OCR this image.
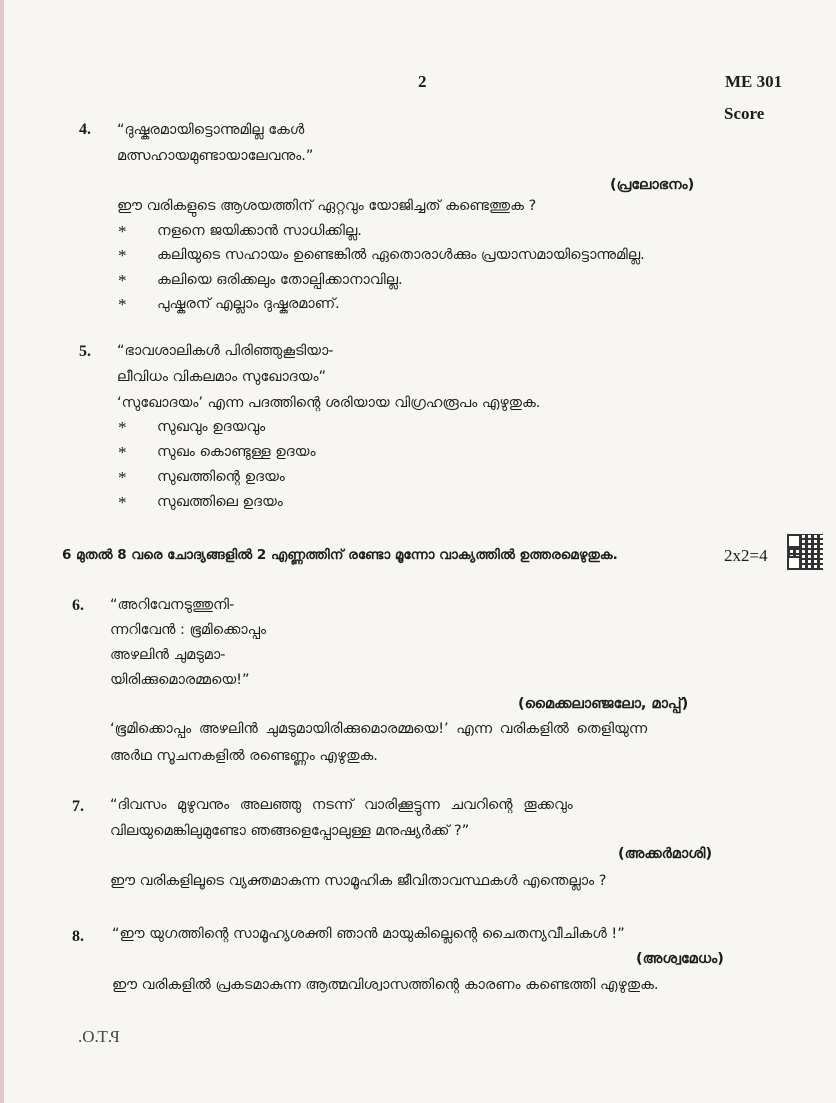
2	ME 301
Score
4. “ദുഷ്കരമായിട്ടൊന്നുമില്ല കേൾ
മത്സഹായമുണ്ടായാലേവനും.”
(പ്രലോഭനം)
ഈ വരികളുടെ ആശയത്തിന് ഏറ്റവും യോജിച്ചത് കണ്ടെത്തുക ?
* നളനെ ജയിക്കാൻ സാധിക്കില്ല.
* കലിയുടെ സഹായം ഉണ്ടെങ്കിൽ ഏതൊരാൾക്കും പ്രയാസമായിട്ടൊന്നുമില്ല.
* കലിയെ ഒരിക്കലും തോല്പിക്കാനാവില്ല.
* പുഷ്കരന് എല്ലാം ദുഷ്കരമാണ്.
5. “ഭാവശാലികൾ പിരിഞ്ഞുകൂടിയാ-
ലീവിധം വികലമാം സുഖോദയം”
‘സുഖോദയം’ എന്ന പദത്തിന്റെ ശരിയായ വിഗ്രഹരൂപം എഴുതുക.
* സുഖവും ഉദയവും
* സുഖം കൊണ്ടുള്ള ഉദയം
* സുഖത്തിന്റെ ഉദയം
* സുഖത്തിലെ ഉദയം
6 മുതൽ 8 വരെ ചോദ്യങ്ങളിൽ 2 എണ്ണത്തിന് രണ്ടോ മൂന്നോ വാക്യത്തിൽ ഉത്തരമെഴുതുക.	2x2=4
6. “അറിവേനടുത്തുനി-
ന്നറിവേൻ : ഭൂമിക്കൊപ്പം
അഴലിൻ ചുമടുമാ-
യിരിക്കുമൊരമ്മയെ!”
(മൈക്കലാഞ്ജലോ, മാപ്പ്)
‘ഭൂമിക്കൊപ്പം അഴലിൻ ചുമടുമായിരിക്കുമൊരമ്മയെ!’ എന്ന വരികളിൽ തെളിയുന്ന
അർഥ സൂചനകളിൽ രണ്ടെണ്ണം എഴുതുക.
7. “ദിവസം മുഴുവനും അലഞ്ഞു നടന്ന് വാരിക്കൂട്ടുന്ന ചവറിന്റെ തൂക്കവും
വിലയുമെങ്കിലുമുണ്ടോ ഞങ്ങളെപ്പോലുള്ള മനുഷ്യർക്ക് ?”
(അക്കർമാശി)
ഈ വരികളിലൂടെ വ്യക്തമാകുന്ന സാമൂഹിക ജീവിതാവസ്ഥകൾ എന്തെല്ലാം ?
8. “ഈ യുഗത്തിന്റെ സാമൂഹ്യശക്തി ഞാൻ മായുകില്ലെന്റെ ചൈതന്യവീചികൾ !”
(അശ്വമേധം)
ഈ വരികളിൽ പ്രകടമാകുന്ന ആത്മവിശ്വാസത്തിന്റെ കാരണം കണ്ടെത്തി എഴുതുക.
P.T.O.
